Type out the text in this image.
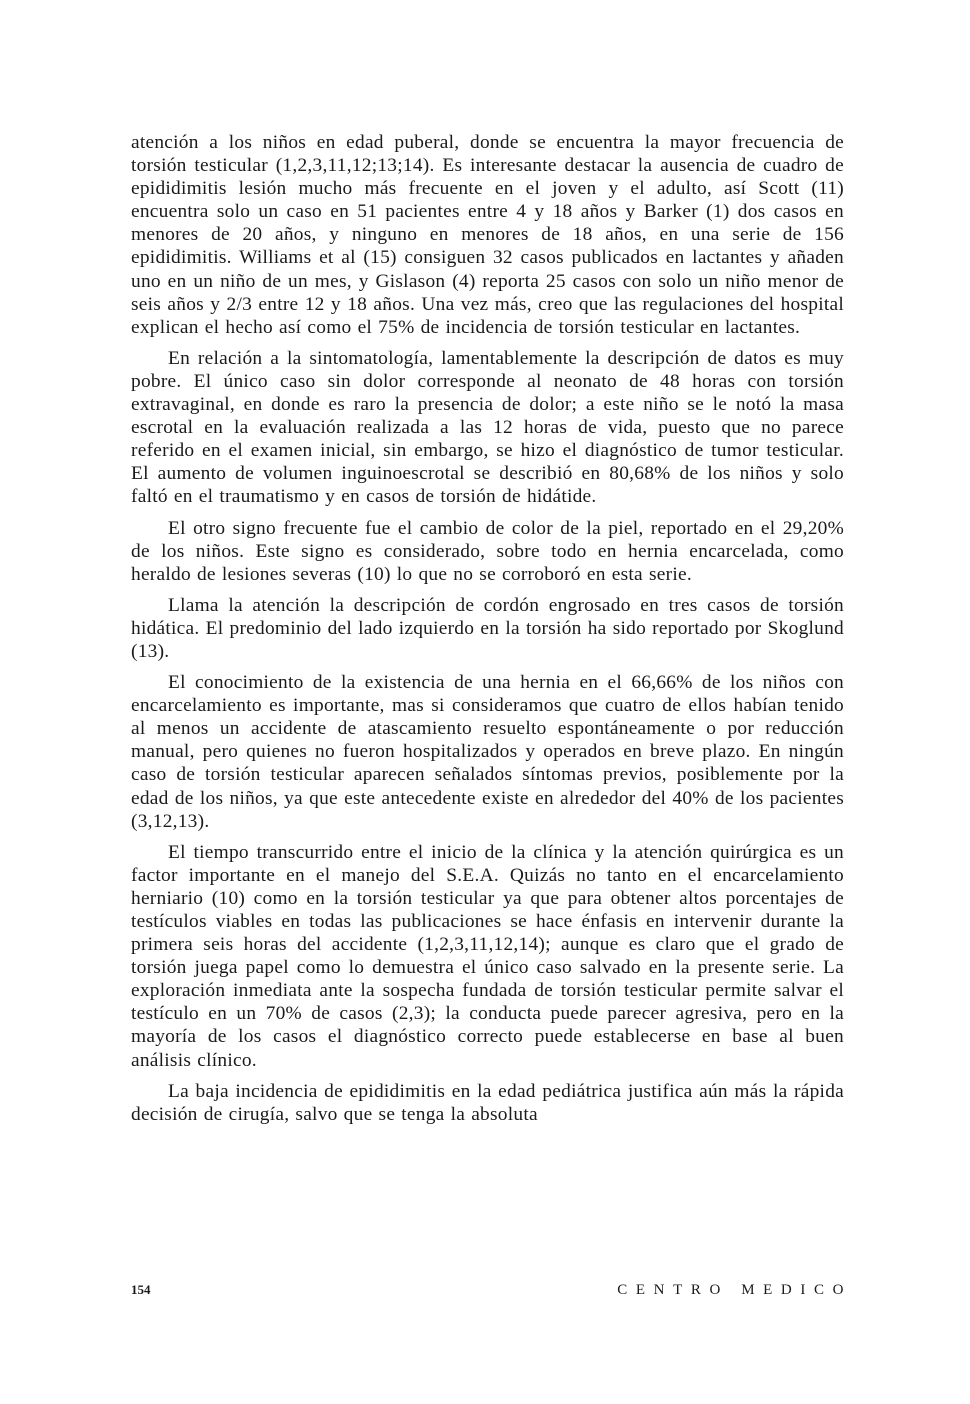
atención a los niños en edad puberal, donde se encuentra la mayor frecuencia de torsión testicular (1,2,3,11,12;13;14). Es interesante destacar la ausencia de cuadro de epididimitis lesión mucho más frecuente en el joven y el adulto, así Scott (11) encuentra solo un caso en 51 pacientes entre 4 y 18 años y Barker (1) dos casos en menores de 20 años, y ninguno en menores de 18 años, en una serie de 156 epididimitis. Williams et al (15) consiguen 32 casos publicados en lactantes y añaden uno en un niño de un mes, y Gislason (4) reporta 25 casos con solo un niño menor de seis años y 2/3 entre 12 y 18 años. Una vez más, creo que las regulaciones del hospital explican el hecho así como el 75% de incidencia de torsión testicular en lactantes.

En relación a la sintomatología, lamentablemente la descripción de datos es muy pobre. El único caso sin dolor corresponde al neonato de 48 horas con torsión extravaginal, en donde es raro la presencia de dolor; a este niño se le notó la masa escrotal en la evaluación realizada a las 12 horas de vida, puesto que no parece referido en el examen inicial, sin embargo, se hizo el diagnóstico de tumor testicular. El aumento de volumen inguinoescrotal se describió en 80,68% de los niños y solo faltó en el traumatismo y en casos de torsión de hidátide.

El otro signo frecuente fue el cambio de color de la piel, reportado en el 29,20% de los niños. Este signo es considerado, sobre todo en hernia encarcelada, como heraldo de lesiones severas (10) lo que no se corroboró en esta serie.

Llama la atención la descripción de cordón engrosado en tres casos de torsión hidática. El predominio del lado izquierdo en la torsión ha sido reportado por Skoglund (13).

El conocimiento de la existencia de una hernia en el 66,66% de los niños con encarcelamiento es importante, mas si consideramos que cuatro de ellos habían tenido al menos un accidente de atascamiento resuelto espontáneamente o por reducción manual, pero quienes no fueron hospitalizados y operados en breve plazo. En ningún caso de torsión testicular aparecen señalados síntomas previos, posiblemente por la edad de los niños, ya que este antecedente existe en alrededor del 40% de los pacientes (3,12,13).

El tiempo transcurrido entre el inicio de la clínica y la atención quirúrgica es un factor importante en el manejo del S.E.A. Quizás no tanto en el encarcelamiento herniario (10) como en la torsión testicular ya que para obtener altos porcentajes de testículos viables en todas las publicaciones se hace énfasis en intervenir durante la primera seis horas del accidente (1,2,3,11,12,14); aunque es claro que el grado de torsión juega papel como lo demuestra el único caso salvado en la presente serie. La exploración inmediata ante la sospecha fundada de torsión testicular permite salvar el testículo en un 70% de casos (2,3); la conducta puede parecer agresiva, pero en la mayoría de los casos el diagnóstico correcto puede establecerse en base al buen análisis clínico.

La baja incidencia de epididimitis en la edad pediátrica justifica aún más la rápida decisión de cirugía, salvo que se tenga la absoluta

154	CENTRO MEDICO
